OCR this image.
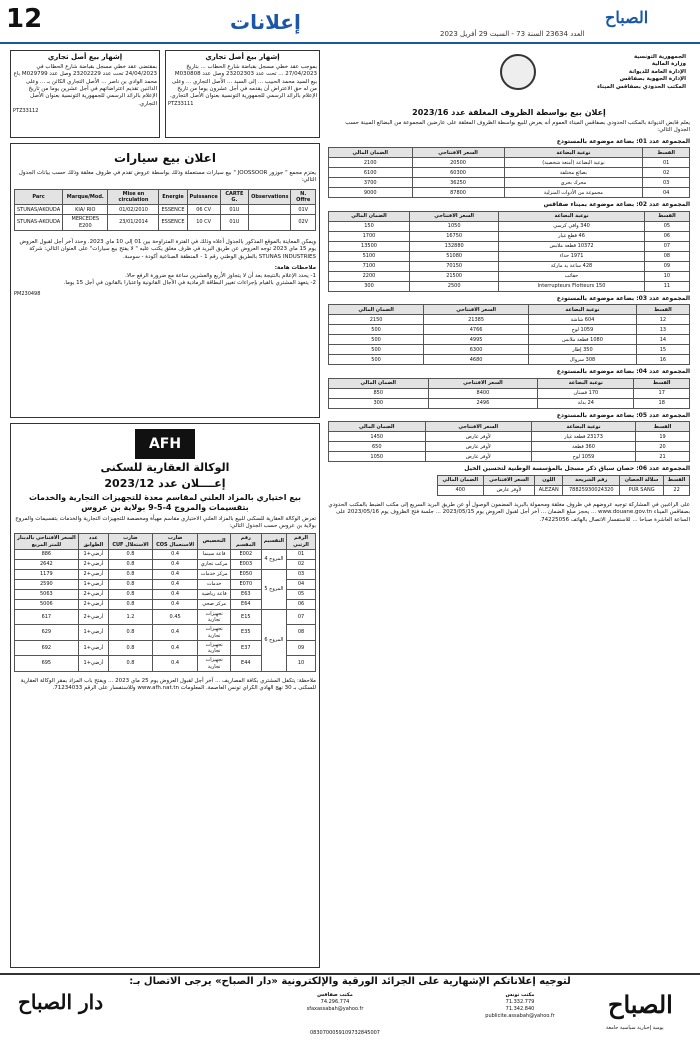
12	إعلانات	الصباح
العدد 23634 السنة 73 - السبت 29 أفريل 2023
إشهار بيع أصل تجاري
بمقتضى عقد خطي مسجل بقباضة شارع الحطاب في 24/04/2023 تحت عدد 23202229 وصل عدد M029799 باع محمد الوادي بن ناصر ... الأصل التجاري الكائن بـ ... وعلى الدائنين تقديم اعتراضاتهم في أجل عشرين يوما من تاريخ الإعلام بالرائد الرسمي للجمهورية التونسية بعنوان الأصل التجاري.
PTZ33112
إشهار بيع أصل تجاري
بموجب عقد خطي مسجل بقباضة شارع الحطاب ... بتاريخ 27/04/2023 ... تحت عدد 23202303 وصل عدد M030808 بيع السيد محمد الحبيب ... إلى السيد ... الأصل التجاري ... وعلى من له حق الاعتراض أن يقدمه في أجل عشرون يوما من تاريخ الإعلام بالرائد الرسمي للجمهورية التونسية بعنوان الأصل التجاري.
PTZ33111
اعلان بيع سيارات
يعتزم مجمع " جوزور JOOSSOOR " بيع سيارات مستعملة وذلك بواسطة عروض تقدم في ظروف مغلقة وذلك حسب بيانات الجدول التالي:
Parc	Marque/Mod.	Mise en circulation	Energie	Puissance	CARTE G.	Observations	N. Offre
STUNAS/AKOUDA	KIA/ RIO	01/02/2010	ESSENCE	06 CV	01U		01V
STUNAS-AKOUDA	MERCEDES E200	23/01/2014	ESSENCE	10 CV	01U		02V
ويمكن المعاينة بالموقع المذكور بالجدول أعلاه وذلك في الفترة المتراوحة بين 01 إلى 10 ماي 2023. وحدد آخر أجل لقبول العروض يوم 15 ماي 2023 توجه العروض عن طريق البريد في ظرف مغلق يكتب عليه " لا يفتح بيع سيارات" على العنوان التالي: شركة STUNAS INDUSTRIES بالطريق الوطني رقم 1 - المنطقة الصناعية أكودة - سوسة.
ملاحظات هامة:
1- يحدد الإعلام بالنتيجة بعد أن لا يتجاوز الأربع والعشرين ساعة مع ضرورة الرفع حالا.
2- يتعهد المشتري بالقيام بإجراءات تغيير البطاقة الرمادية في الآجال القانونية واعتبارا بالقانون في أجل 15 يوما.
PM230498
AFH
الوكالة العقارية للسكنى
إعــــلان عدد 2023/12
بيع اختياري بالمزاد العلني لمقاسم معدة للتجهيزات التجارية والخدمات
بتقسيمات والمروج 4-5-9 بولاية بن عروس
تعرض الوكالة العقارية للسكنى للبيع بالمزاد العلني الاختياري مقاسم مهيأة ومخصصة للتجهيزات التجارية والخدمات بتقسيمات والمروج بولاية بن عروس حسب الجدول التالي:
الرقم الرتبي	التقسيم	رقم المقسم	التخصيص	ضارب الاستعمال COS	ضارب الاستغلال CUF	عدد الطوابق	السعر الافتتاحي بالدينار للمتر المربع
01	المروج 4	E002	قاعة سينما	0.4	0.8	أرضي+1	886
02		E003	مركب تجاري	0.4	0.8	أرضي+2	2642
03	المروج 5	E050	مركز خدمات	0.4	0.8	أرضي+2	1179
04		E070	خدمات	0.4	0.8	أرضي+1	2590
05		E63	قاعة رياضية	0.4	0.8	أرضي+2	5063
06		E64	مركز صحي	0.4	0.8	أرضي+2	5006
07	المروج 6	E15	تجهيزات تجارية	0.45	1.2	أرضي+2	617
08		E35	تجهيزات تجارية	0.4	0.8	أرضي+1	629
09		E37	تجهيزات تجارية	0.4	0.8	أرضي+1	692
10		E44	تجهيزات تجارية	0.4	0.8	أرضي+1	695
ملاحظة: يتكفل المشتري بكافة المصاريف ... آخر أجل لقبول العروض يوم 25 ماي 2023 ... ويفتح باب المزاد بمقر الوكالة العقارية للسكنى بـ 30 نهج الهادي الكراي تونس العاصمة. المعلومات www.afh.nat.tn وللاستفسار على الرقم 71234033.
الجمهورية التونسية
وزارة المالية
الإدارة العامة للديوانة
الإدارة الجهوية بصفاقس
المكتب الحدودي بصفاقس الميناء
إعلان بيع بواسطة الظروف المغلقة عدد 2023/16
يعلم قابض الديوانة بالمكتب الحدودي بصفاقس الميناء العموم أنه يعرض للبيع بواسطة الظروف المغلقة على عارضين المجموعة من البضائع المبينة حسب الجدول التالي:
المجموعة عدد 01: بضاعة موضوعة بالمستودع
القسط	نوعية البضاعة	السعر الافتتاحي	الضمان المالي
01	نوعية البضاعة (أمتعة شخصية)	20500	2100
02	بضائع مختلفة	60300	6100
03	محرك بحري	36250	3700
04	مجموعة من الأدوات المنزلية	87800	9000
المجموعة عدد 02: بضاعة موضوعة بميناء صفاقس
القسط	نوعية البضاعة	السعر الافتتاحي	الضمان المالي
05	340 واقي كرسي	1050	150
06	46 قطع غيار	16750	1700
07	10372 قطعة ملابس	132880	13500
08	1971 حذاء	51080	5100
09	428 ساعة يد ماركة	70150	7100
10	حقائب	21500	2200
11	150 Interrupteurs Flotteurs	2500	300
المجموعة عدد 03: بضاعة موضوعة بالمستودع
القسط	نوعية البضاعة	السعر الافتتاحي	الضمان المالي
12	604 شاشة	21385	2150
13	1059 لوح	4766	500
14	1080 قطعة ملابس	4995	500
15	350 إطار	6300	500
16	308 سروال	4680	500
المجموعة عدد 04: بضاعة موضوعة بالمستودع
القسط	نوعية البضاعة	السعر الافتتاحي	الضمان المالي
17	170 فستان	8400	850
18	24 بدلة	2496	300
المجموعة عدد 05: بضاعة موضوعة بالمستودع
القسط	نوعية البضاعة	السعر الافتتاحي	الضمان المالي
19	23173 قطعة غيار	لأوفر عارض	1450
20	360 قطعة	لأوفر عارض	650
21	1059 لوح	لأوفر عارض	1050
المجموعة عدد 06: حصان سباق ذكر مسجل بالمؤسسة الوطنية لتحسين الخيل
القسط	سلالة الحصان	رقم الشريحة	اللون	السعر الافتتاحي	الضمان المالي
22	PUR SANG	78825930024320	ALEZAN	لأوفر عارض	400
على الراغبين في المشاركة توجيه عروضهم في ظروف مغلقة ومحمولة بالبريد المضمون الوصول أو عن طريق البريد السريع إلى مكتب الضبط بالمكتب الحدودي بصفاقس الميناء www.douane.gov.tn ... يحجز مبلغ الضمان ... آخر أجل لقبول العروض يوم 2023/05/15 ... جلسة فتح الظروف يوم 2023/05/16 على الساعة العاشرة صباحا ... للاستفسار الاتصال بالهاتف 74225056.
لتوجيه إعلاناتكم الإشهارية على الجرائد الورقية والإلكترونية «دار الصباح» يرجى الاتصال بـ:
الصباح
يومية إخبارية سياسية جامعة
دار الصباح	مكتب تونس
71.332.779
71.342.840
publicite.assabah@yahoo.fr
مكتب صفاقس
74.296.774
sfaxassabah@yahoo.fr
0830700059109732845007
